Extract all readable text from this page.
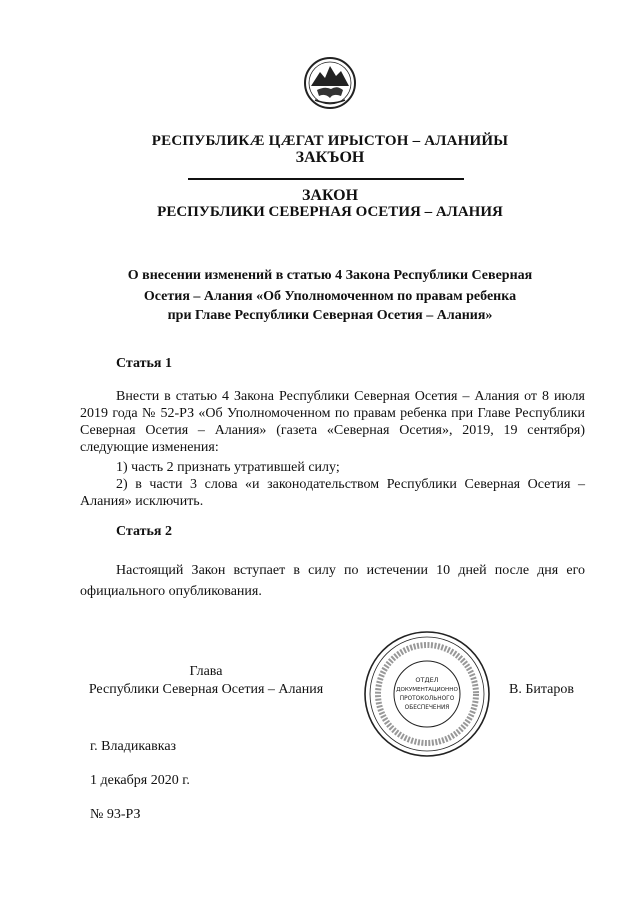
РЕСПУБЛИКӔ ЦӔГАТ ИРЫСТОН – АЛАНИЙЫ
ЗАКЪОН
ЗАКОН
РЕСПУБЛИКИ СЕВЕРНАЯ ОСЕТИЯ – АЛАНИЯ
О внесении изменений в статью 4 Закона Республики Северная
Осетия – Алания «Об Уполномоченном по правам ребенка
при Главе Республики Северная Осетия – Алания»
Статья 1
Внести в статью 4 Закона Республики Северная Осетия – Алания от 8 июля 2019 года № 52-РЗ «Об Уполномоченном по правам ребенка при Главе Республики Северная Осетия – Алания» (газета «Северная Осетия», 2019, 19 сентября) следующие изменения:
1) часть 2 признать утратившей силу;
2) в части 3 слова «и законодательством Республики Северная Осетия – Алания» исключить.
Статья 2
Настоящий Закон вступает в силу по истечении 10 дней после дня его официального опубликования.
Глава
Республики Северная Осетия – Алания
ОТДЕЛ
ДОКУМЕНТАЦИОННО
ПРОТОКОЛЬНОГО
ОБЕСПЕЧЕНИЯ
В. Битаров
г. Владикавказ
1 декабря 2020 г.
№ 93-РЗ
